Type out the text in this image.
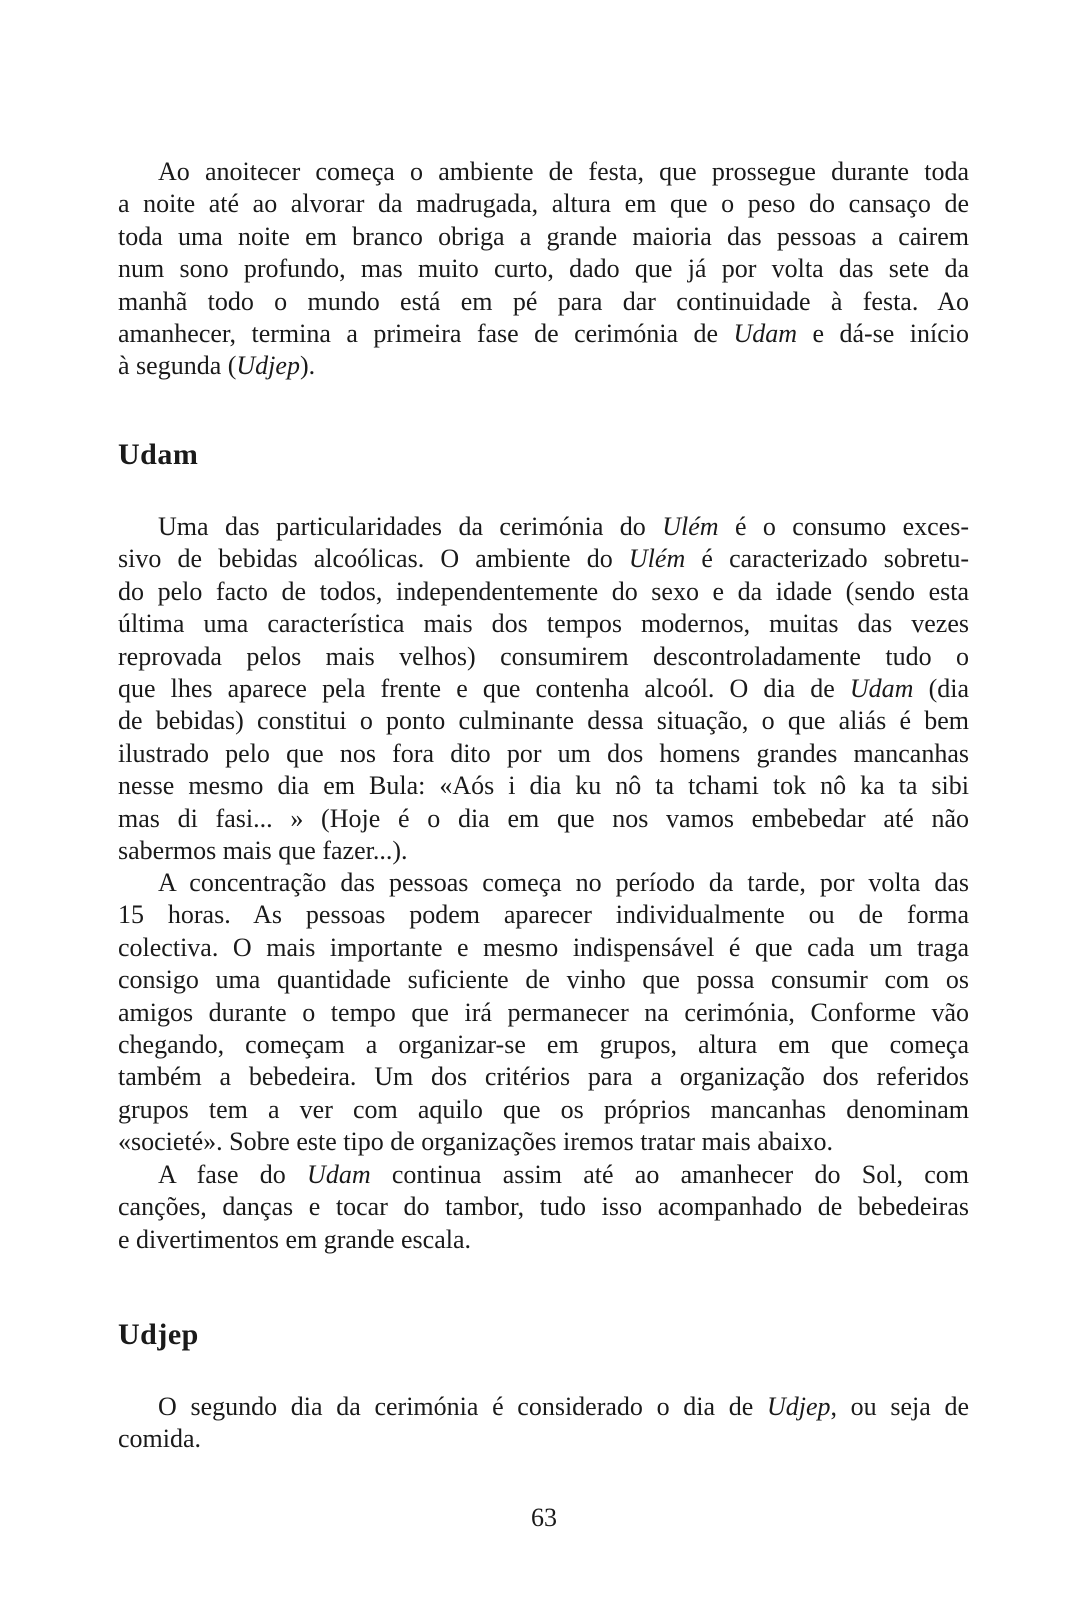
Ao anoitecer começa o ambiente de festa, que prossegue durante toda
a noite até ao alvorar da madrugada, altura em que o peso do cansaço de
toda uma noite em branco obriga a grande maioria das pessoas a cairem
num sono profundo, mas muito curto, dado que já por volta das sete da
manhã todo o mundo está em pé para dar continuidade à festa. Ao
amanhecer, termina a primeira fase de cerimónia de Udam e dá-se início
à segunda (Udjep).
Udam
Uma das particularidades da cerimónia do Ulém é o consumo exces-
sivo de bebidas alcoólicas. O ambiente do Ulém é caracterizado sobretu-
do pelo facto de todos, independentemente do sexo e da idade (sendo esta
última uma característica mais dos tempos modernos, muitas das vezes
reprovada pelos mais velhos) consumirem descontroladamente tudo o
que lhes aparece pela frente e que contenha alcoól. O dia de Udam (dia
de bebidas) constitui o ponto culminante dessa situação, o que aliás é bem
ilustrado pelo que nos fora dito por um dos homens grandes mancanhas
nesse mesmo dia em Bula: «Aós i dia ku nô ta tchami tok nô ka ta sibi
mas di fasi... » (Hoje é o dia em que nos vamos embebedar até não
sabermos mais que fazer...).
A concentração das pessoas começa no período da tarde, por volta das
15 horas. As pessoas podem aparecer individualmente ou de forma
colectiva. O mais importante e mesmo indispensável é que cada um traga
consigo uma quantidade suficiente de vinho que possa consumir com os
amigos durante o tempo que irá permanecer na cerimónia, Conforme vão
chegando, começam a organizar-se em grupos, altura em que começa
também a bebedeira. Um dos critérios para a organização dos referidos
grupos tem a ver com aquilo que os próprios mancanhas denominam
«societé». Sobre este tipo de organizações iremos tratar mais abaixo.
A fase do Udam continua assim até ao amanhecer do Sol, com
canções, danças e tocar do tambor, tudo isso acompanhado de bebedeiras
e divertimentos em grande escala.
Udjep
O segundo dia da cerimónia é considerado o dia de Udjep, ou seja de
comida.
63
